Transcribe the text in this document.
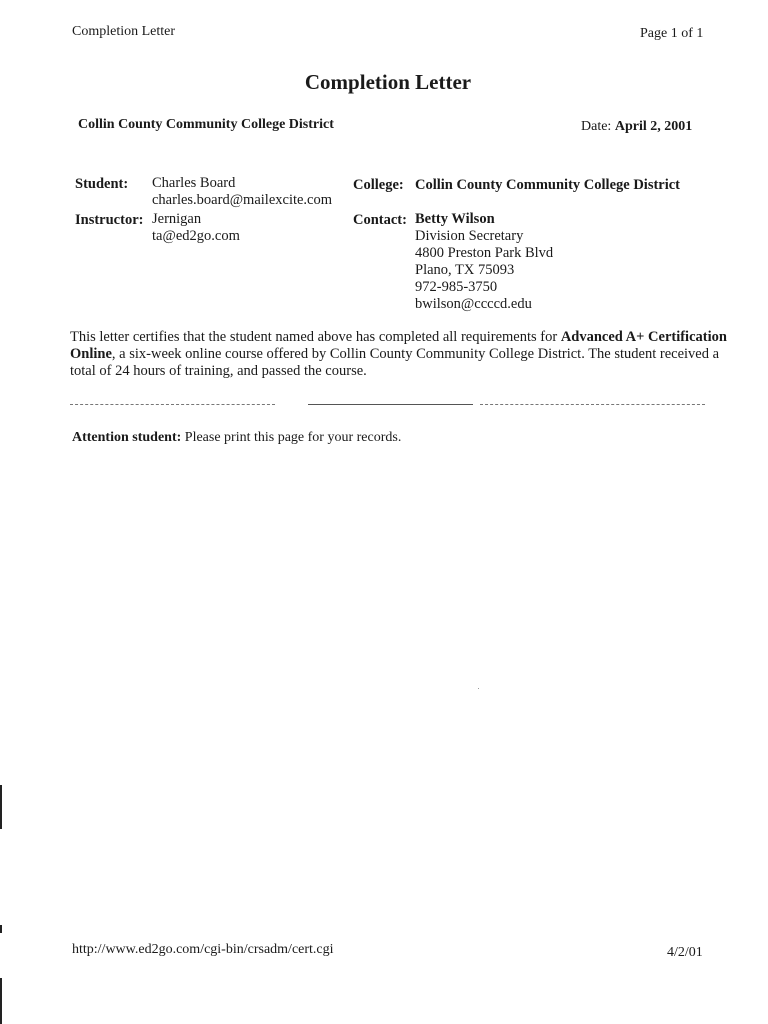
Completion Letter	Page 1 of 1
Completion Letter
Collin County Community College District	Date: April 2, 2001
Student: Charles Board
charles.board@mailexcite.com
Instructor: Jernigan
ta@ed2go.com
College: Collin County Community College District
Contact: Betty Wilson
Division Secretary
4800 Preston Park Blvd
Plano, TX 75093
972-985-3750
bwilson@ccccd.edu
This letter certifies that the student named above has completed all requirements for Advanced A+ Certification Online, a six-week online course offered by Collin County Community College District. The student received a total of 24 hours of training, and passed the course.
Attention student: Please print this page for your records.
http://www.ed2go.com/cgi-bin/crsadm/cert.cgi	4/2/01
